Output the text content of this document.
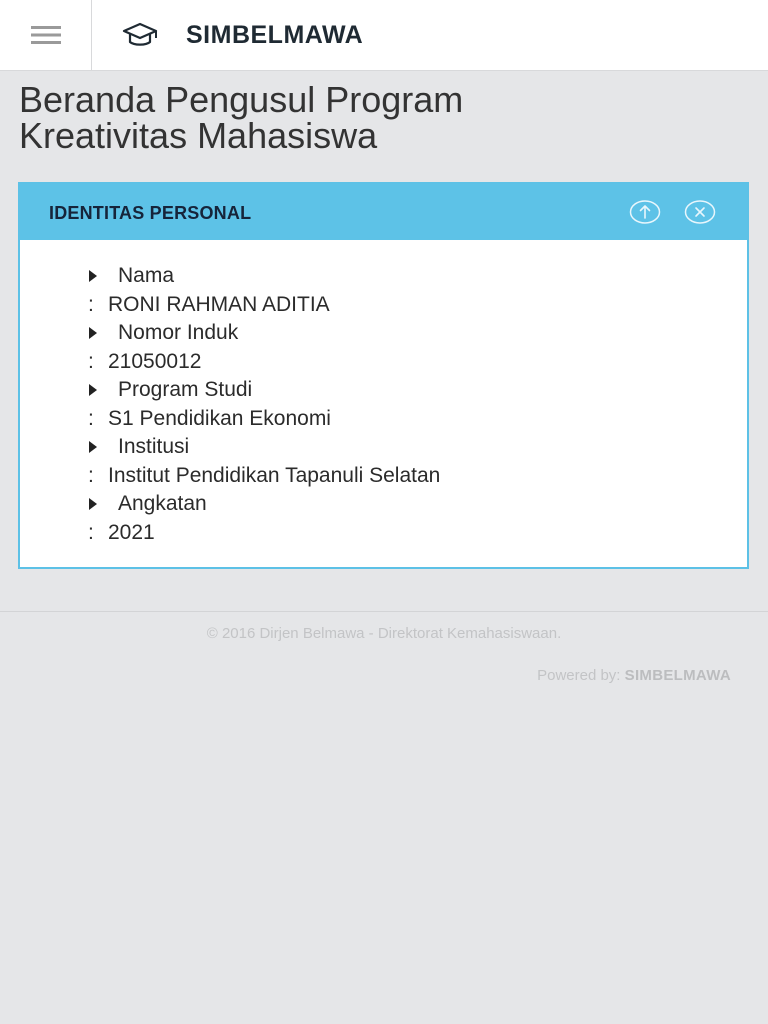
SIMBELMAWA
Beranda Pengusul Program
Kreativitas Mahasiswa
IDENTITAS PERSONAL
Nama
: RONI RAHMAN ADITIA
Nomor Induk
: 21050012
Program Studi
: S1 Pendidikan Ekonomi
Institusi
: Institut Pendidikan Tapanuli Selatan
Angkatan
: 2021
© 2016 Dirjen Belmawa - Direktorat Kemahasiswaan.
Powered by: SIMBELMAWA
